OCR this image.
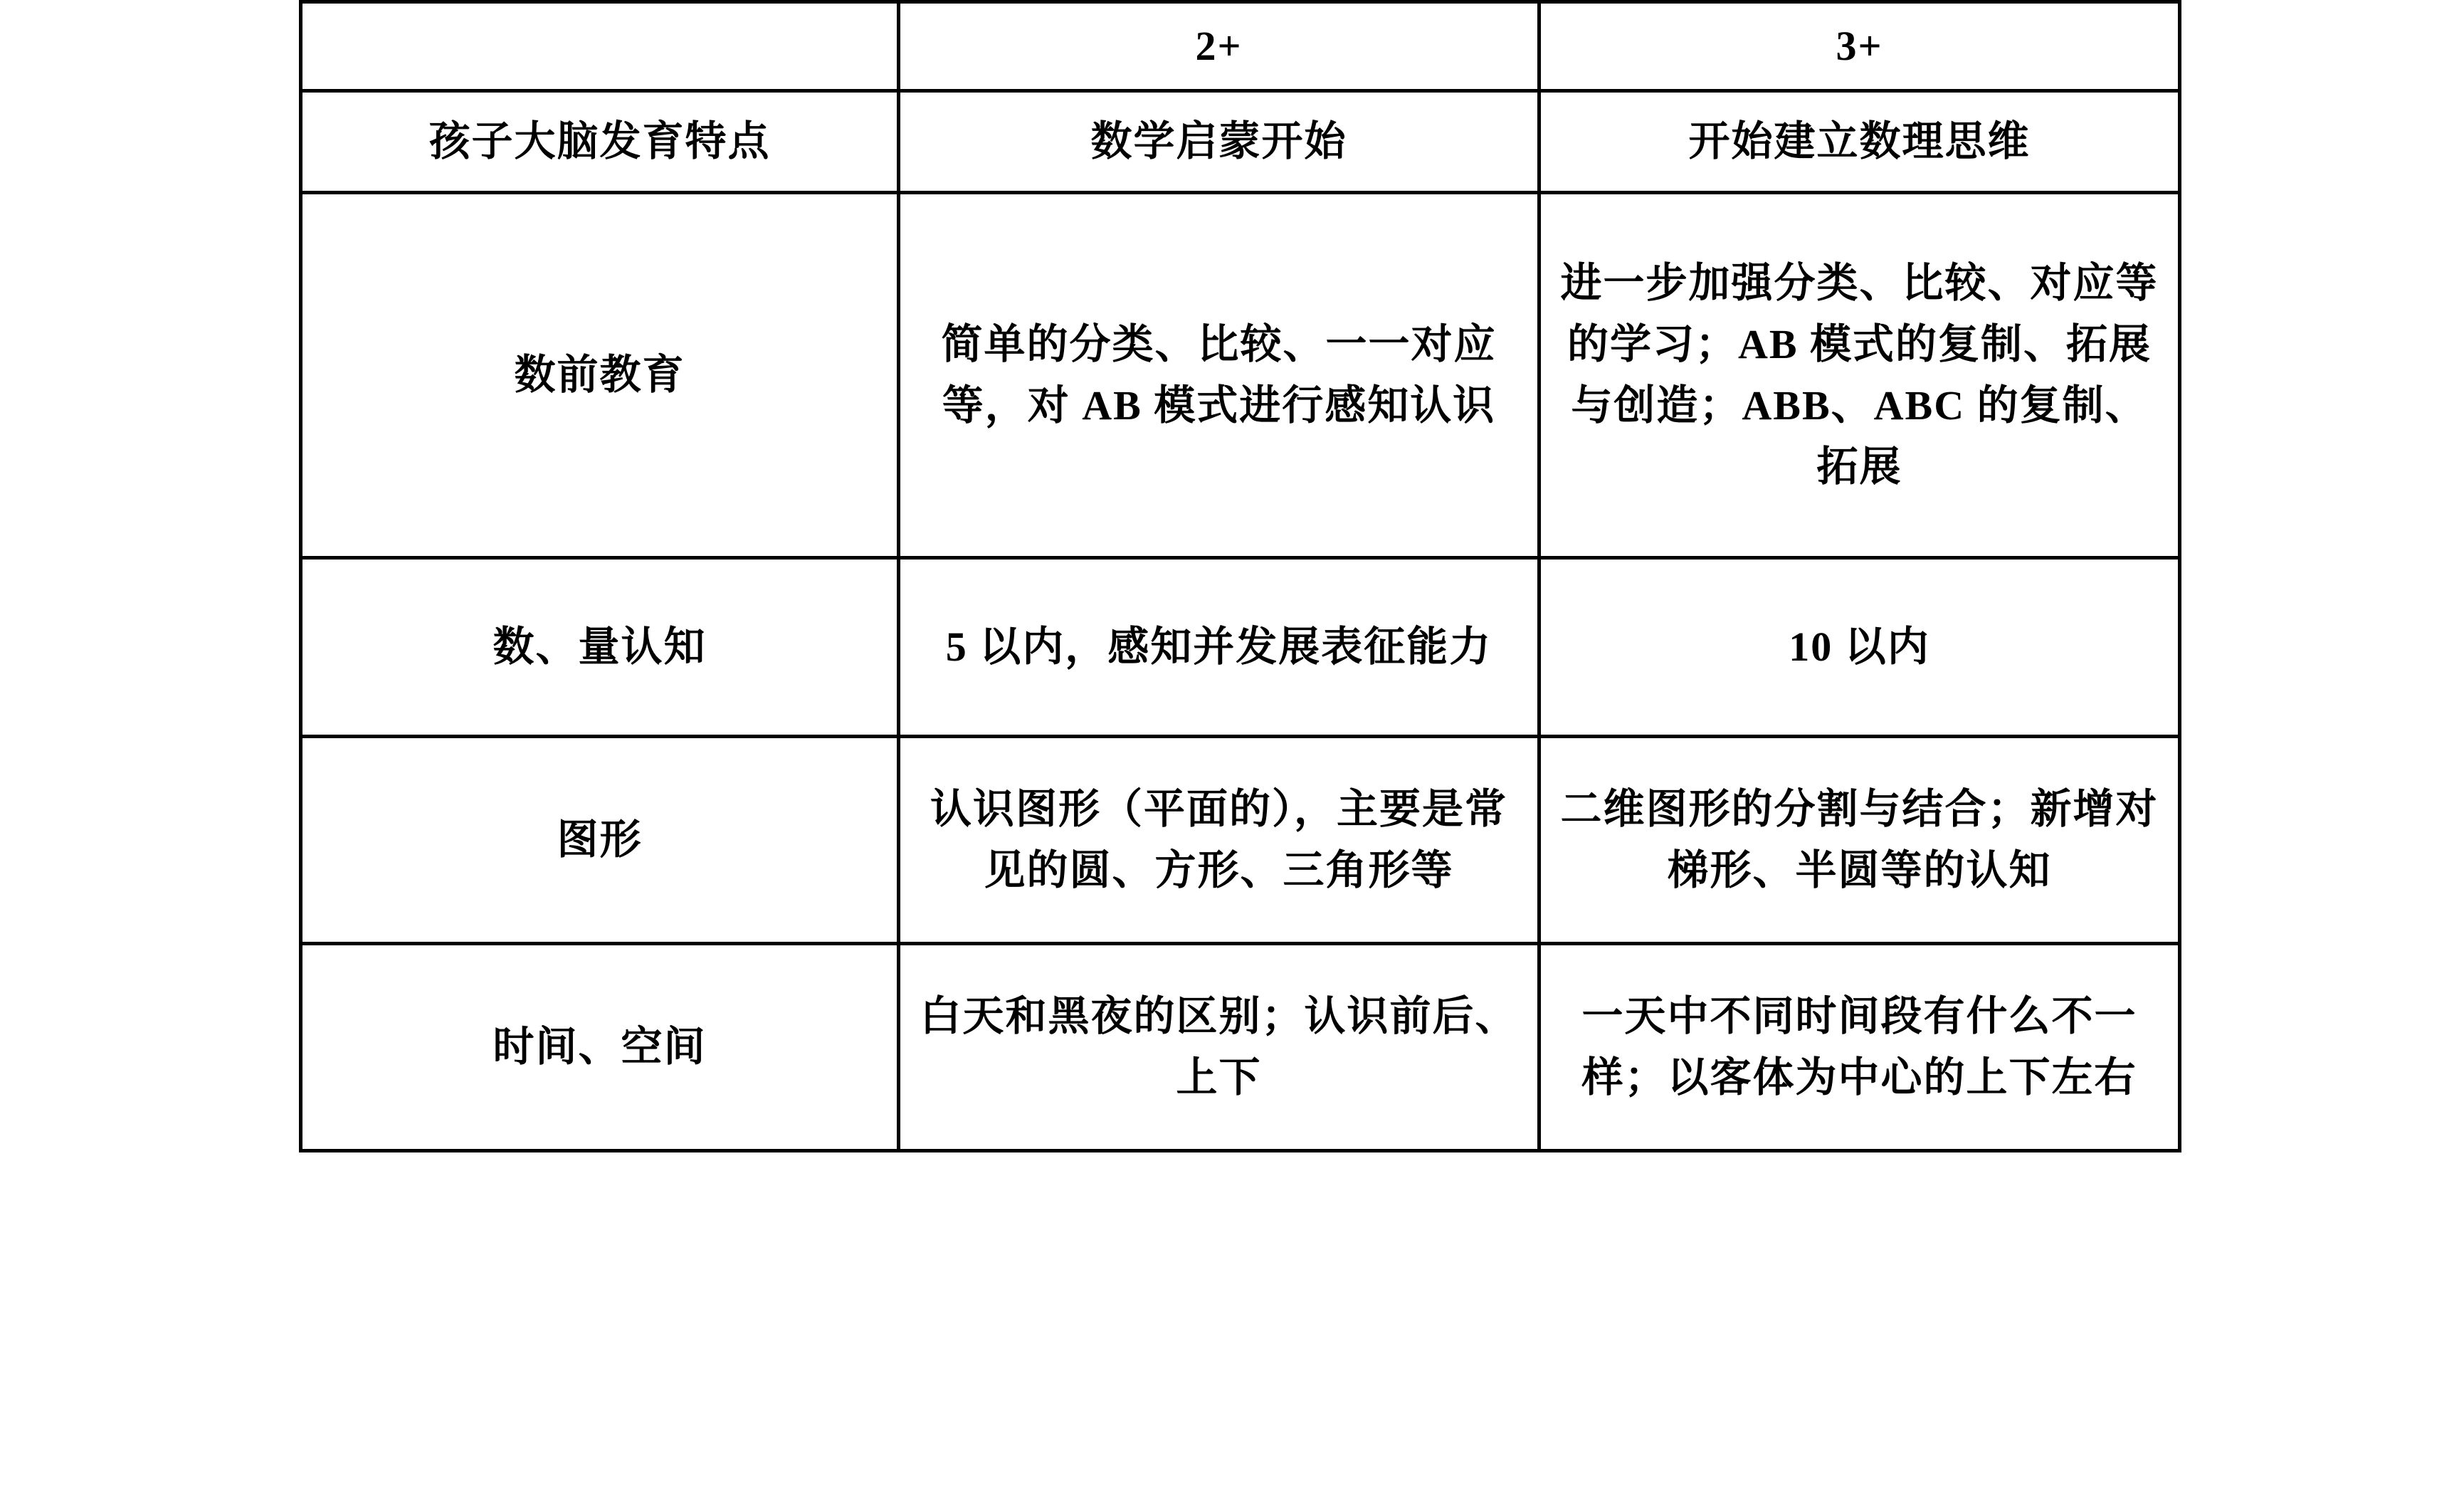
	2+	3+
孩子大脑发育特点	数学启蒙开始	开始建立数理思维

数前教育	简单的分类、比较、一一对应等，对 AB 模式进行感知认识	进一步加强分类、比较、对应等的学习；AB 模式的复制、拓展与创造；ABB、ABC 的复制、拓展

数、量认知	5 以内，感知并发展表征能力	10 以内

图形	认识图形（平面的），主要是常见的圆、方形、三角形等	二维图形的分割与结合；新增对梯形、半圆等的认知

时间、空间	白天和黑夜的区别；认识前后、上下	一天中不同时间段有什么不一样；以客体为中心的上下左右
